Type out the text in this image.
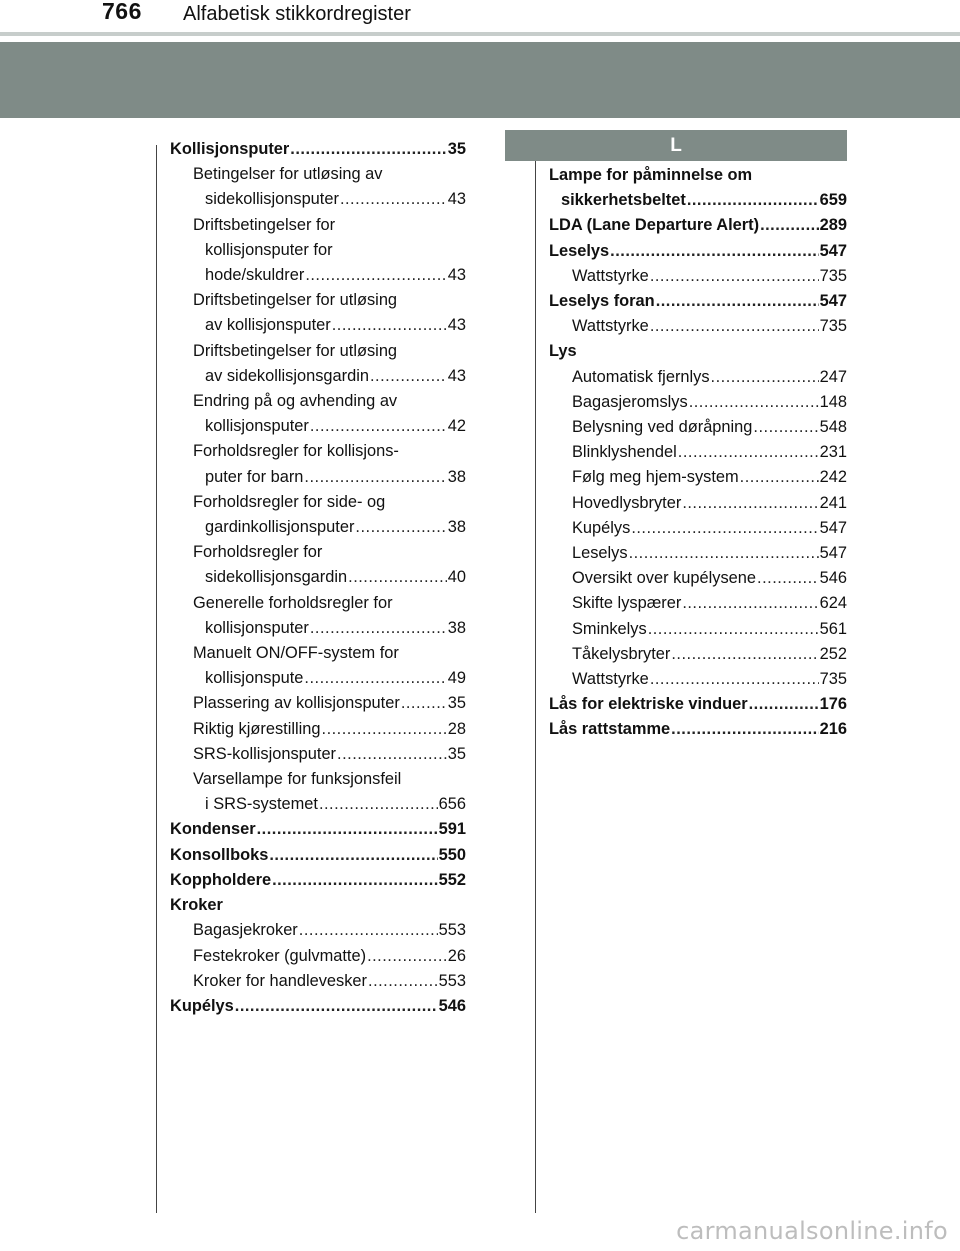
766 Alfabetisk stikkordregister
Kollisjonsputer .....	35
Betingelser for utløsing av
sidekollisjonsputer .....	43
Driftsbetingelser for
kollisjonsputer for
hode/skuldrer .....	43
Driftsbetingelser for utløsing
av kollisjonsputer .....	43
Driftsbetingelser for utløsing
av sidekollisjonsgardin .....	43
Endring på og avhending av
kollisjonsputer .....	42
Forholdsregler for kollisjons-
puter for barn .....	38
Forholdsregler for side- og
gardinkollisjonsputer .....	38
Forholdsregler for
sidekollisjonsgardin .....	40
Generelle forholdsregler for
kollisjonsputer .....	38
Manuelt ON/OFF-system for
kollisjonspute .....	49
Plassering av kollisjonsputer .....	35
Riktig kjørestilling .....	28
SRS-kollisjonsputer .....	35
Varsellampe for funksjonsfeil
i SRS-systemet .....	656
Kondenser .....	591
Konsollboks .....	550
Koppholdere .....	552
Kroker
Bagasjekroker .....	553
Festekroker (gulvmatte) .....	26
Kroker for handlevesker .....	553
Kupélys .....	546
L
Lampe for påminnelse om
sikkerhetsbeltet .....	659
LDA (Lane Departure Alert) .....	289
Leselys .....	547
Wattstyrke .....	735
Leselys foran .....	547
Wattstyrke .....	735
Lys
Automatisk fjernlys .....	247
Bagasjeromslys .....	148
Belysning ved døråpning .....	548
Blinklyshendel .....	231
Følg meg hjem-system .....	242
Hovedlysbryter .....	241
Kupélys .....	547
Leselys .....	547
Oversikt over kupélysene .....	546
Skifte lyspærer .....	624
Sminkelys .....	561
Tåkelysbryter .....	252
Wattstyrke .....	735
Lås for elektriske vinduer .....	176
Lås rattstamme .....	216
carmanualsonline.info
